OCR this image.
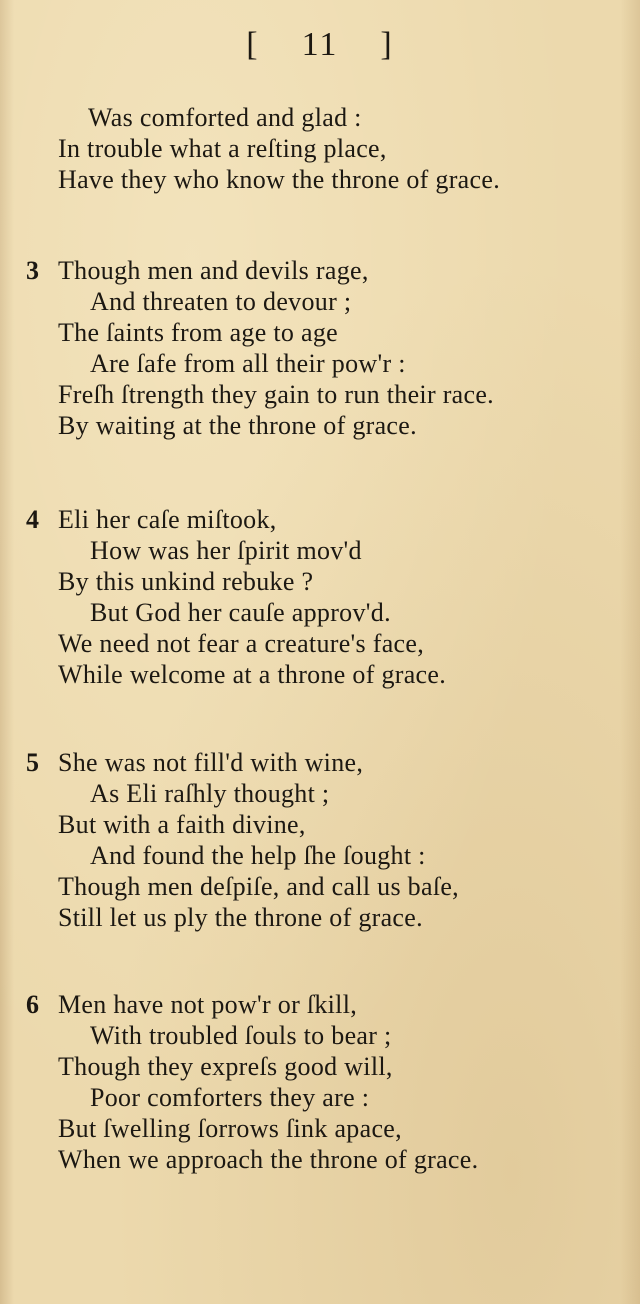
[    11    ]
Was comforted and glad :
In trouble what a reſting place,
Have they who know the throne of grace.
3 Though men and devils rage,
And threaten to devour ;
The ſaints from age to age
Are ſafe from all their pow'r :
Freſh ſtrength they gain to run their race.
By waiting at the throne of grace.
4 Eli her caſe miſtook,
How was her ſpirit mov'd
By this unkind rebuke ?
But God her cauſe approv'd.
We need not fear a creature's face,
While welcome at a throne of grace.
5 She was not fill'd with wine,
As Eli raſhly thought ;
But with a faith divine,
And found the help ſhe ſought :
Though men deſpiſe, and call us baſe,
Still let us ply the throne of grace.
6 Men have not pow'r or ſkill,
With troubled ſouls to bear ;
Though they expreſs good will,
Poor comforters they are :
But ſwelling ſorrows ſink apace,
When we approach the throne of grace.
